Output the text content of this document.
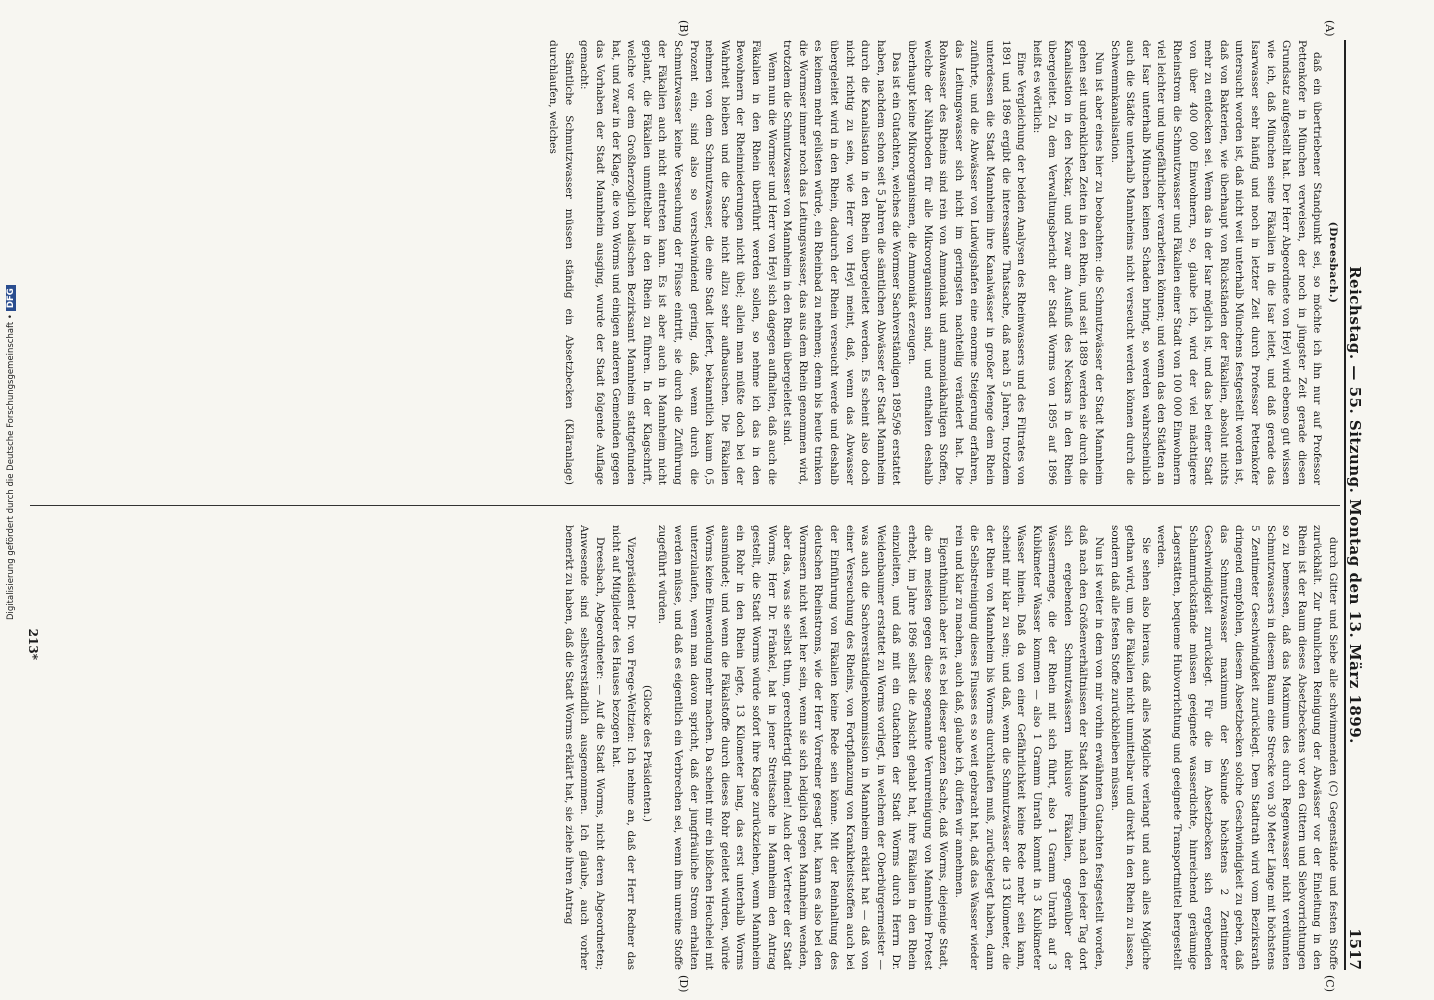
Reichstag. — 55. Sitzung. Montag den 13. März 1899.
1517
(A)
(B)
(C)
(D)

(Dreesbach.)

daß ein übertriebener Standpunkt sei, so möchte ich ihn nur auf Professor Pettenkofer in München verweisen, der noch in jüngster Zeit gerade diesen Grundsatz aufgestellt hat. Der Herr Abgeordnete von Heyl wird ebenso gut wissen wie ich, daß München seine Fäkalien in die Isar leitet, und daß gerade das Isarwasser sehr häufig und noch in letzter Zeit durch Professor Pettenkofer untersucht worden ist, daß nicht weit unterhalb Münchens festgestellt worden ist, daß von Bakterien, wie überhaupt von Rückständen der Fäkalien, absolut nichts mehr zu entdecken sei. Wenn das in der Isar möglich ist, und das bei einer Stadt von über 400 000 Einwohnern, so, glaube ich, wird der viel mächtigere Rheinstrom die Schmutzwasser und Fäkalien einer Stadt von 100 000 Einwohnern viel leichter und ungefährlicher verarbeiten können; und wenn das den Städten an der Isar unterhalb München keinen Schaden bringt, so werden wahrscheinlich auch die Städte unterhalb Mannheims nicht verseucht werden können durch die Schwemmkanalisation.

Nun ist aber eines hier zu beobachten: die Schmutzwässer der Stadt Mannheim gehen seit undenklichen Zeiten in den Rhein, und seit 1889 werden sie durch die Kanalisation in den Neckar, und zwar am Ausfluß des Neckars in den Rhein übergeleitet. Zu dem Verwaltungsbericht der Stadt Worms von 1895 auf 1896 heißt es wörtlich:

Eine Vergleichung der beiden Analysen des Rheinwassers und des Filtrates von 1891 und 1896 ergibt die interessante Thatsache, daß nach 5 Jahren, trotzdem unterdessen die Stadt Mannheim ihre Kanalwässer in großer Menge dem Rhein zuführte, und die Abwässer von Ludwigshafen eine enorme Steigerung erfahren, das Leitungswasser sich nicht im geringsten nachteilig verändert hat. Die Rohwasser des Rheins sind rein von Ammoniak und ammoniakhaltigen Stoffen, welche der Nährboden für alle Mikroorganismen sind, und enthalten deshalb überhaupt keine Mikroorganismen, die Ammoniak erzeugen.

Das ist ein Gutachten, welches die Wormser Sachverständigen 1895/96 erstattet haben, nachdem schon seit 5 Jahren die sämtlichen Abwässer der Stadt Mannheim durch die Kanalisation in den Rhein übergeleitet werden. Es scheint also doch nicht richtig zu sein, wie Herr von Heyl meint, daß, wenn das Abwasser übergeleitet wird in den Rhein, dadurch der Rhein verseucht werde und deshalb es keinem mehr gelüsten würde, ein Rheinbad zu nehmen; denn bis heute trinken die Wormser immer noch das Leitungswasser, das aus dem Rhein genommen wird, trotzdem die Schmutzwasser von Mannheim in den Rhein übergeleitet sind.

Wenn nun die Wormser und Herr von Heyl sich dagegen aufhalten, daß auch die Fäkalien in den Rhein überführt werden sollen, so nehme ich das in den Bewohnern der Rheinniederungen nicht übel; allein man müßte doch bei der Wahrheit bleiben und die Sache nicht allzu sehr aufbauschen. Die Fäkalien nehmen von dem Schmutzwasser, die eine Stadt liefert, bekanntlich kaum 0,5 Prozent ein, sind also so verschwindend gering, daß, wenn durch die Schmutzwasser keine Verseuchung der Flüsse eintritt, sie durch die Zuführung der Fäkalien auch nicht eintreten kann. Es ist aber auch in Mannheim nicht geplant, die Fäkalien unmittelbar in den Rhein zu führen. In der Klagschrift, welche vor dem Großherzoglich badischen Bezirksamt Mannheim stattgefunden hat, und zwar in der Klage, die von Worms und einigen anderen Gemeinden gegen das Vorhaben der Stadt Mannheim ausging, wurde der Stadt folgende Auflage gemacht:

Sämtliche Schmutzwasser müssen ständig ein Absetzbecken (Kläranlage) durchlaufen, welches

durch Gitter und Siebe alle schwimmenden (C) Gegenstände und festen Stoffe zurückhält. Zur thunlichen Reinigung der Abwässer vor der Einleitung in den Rhein ist der Raum dieses Absetzbeckens vor den Gittern und Siebvorrichtungen so zu bemessen, daß das Maximum des durch Regenwasser nicht verdünnten Schmutzwassers in diesem Raum eine Strecke von 30 Meter Länge mit höchstens 5 Zentimeter Geschwindigkeit zurücklegt. Dem Stadtrath wird vom Bezirksrath dringend empfohlen, diesem Absetzbecken solche Geschwindigkeit zu geben, daß das Schmutzwasser maximum der Sekunde höchstens 2 Zentimeter Geschwindigkeit zurücklegt. Für die im Absetzbecken sich ergebenden Schlammrückstände müssen geeignete wasserdichte, hinreichend geräumige Lagerstätten, bequeme Hubvorrichtung und geeignete Transportmittel hergestellt werden.

Sie sehen also hieraus, daß alles Mögliche verlangt und auch alles Mögliche gethan wird, um die Fäkalien nicht unmittelbar und direkt in den Rhein zu lassen, sondern daß alle festen Stoffe zurückbleiben müssen.

Nun ist weiter in dem von mir vorhin erwähnten Gutachten festgestellt worden, daß nach den Größenverhältnissen der Stadt Mannheim, nach den jeder Tag dort sich ergebenden Schmutzwässern inklusive Fäkalien, gegenüber der Wassermenge, die der Rhein mit sich führt, also 1 Gramm Unrath auf 3 Kubikmeter Wasser kommen — also 1 Gramm Unrath kommt in 3 Kubikmeter Wasser hinein. Daß da von einer Gefährlichkeit keine Rede mehr sein kann, scheint mir klar zu sein; und daß, wenn die Schmutzwässer die 13 Kilometer, die der Rhein von Mannheim bis Worms durchlaufen muß, zurückgelegt haben, dann die Selbstreinigung dieses Flusses es so weit gebracht hat, daß das Wasser wieder rein und klar zu machen, auch daß, glaube ich, dürfen wir annehmen.

Eigenthümlich aber ist es bei dieser ganzen Sache, daß Worms, diejenige Stadt, die am meisten gegen diese sogenannte Verunreinigung von Mannheim Protest erhebt, im Jahre 1896 selbst die Absicht gehabt hat, ihre Fäkalien in den Rhein einzuleiten, und daß mit ein Gutachten der Stadt Worms durch Herrn Dr. Weidenbaumer erstattet zu Worms vorliegt, in welchem der Oberbürgermeister — was auch die Sachverständigenkommission in Mannheim erklärt hat — daß von einer Verseuchung des Rheins, von Fortpflanzung von Krankheitsstoffen auch bei der Einführung von Fäkalien keine Rede sein könne. Mit der Reinhaltung des deutschen Rheinstroms, wie der Herr Vorredner gesagt hat, kann es also bei den Wormsern nicht weit her sein, wenn sie sich lediglich gegen Mannheim wenden, aber das, was sie selbst thun, gerechtfertigt finden! Auch der Vertreter der Stadt Worms, Herr Dr. Fränkel, hat in jener Streitsache in Mannheim den Antrag gestellt, die Stadt Worms würde sofort ihre Klage zurückziehen, wenn Mannheim ein Rohr in den Rhein legte, 13 Kilometer lang, das erst unterhalb Worms ausmündet; und wenn die Fäkalstoffe durch dieses Rohr geleitet würden, würde Worms keine Einwendung mehr machen. Da scheint mir ein bißchen Heuchelei mit unterzulaufen, wenn man davon spricht, daß der jungfräuliche Strom erhalten werden müsse, und daß es eigentlich ein Verbrechen sei, wenn ihm unreine Stoffe zugeführt würden.

(Glocke des Präsidenten.)

Vizepräsident Dr. von Frege-Weltzien: Ich nehme an, daß der Herr Redner das nicht auf Mitglieder des Hauses bezogen hat.

Dreesbach, Abgeordneter: — Auf die Stadt Worms, nicht deren Abgeordneten; Anwesende sind selbstverständlich ausgenommen. Ich glaube, auch vorher bemerkt zu haben, daß die Stadt Worms erklärt hat, sie ziehe ihren Antrag

213*
Digitalisierung gefördert durch die Deutsche Forschungsgemeinschaft •DFG
